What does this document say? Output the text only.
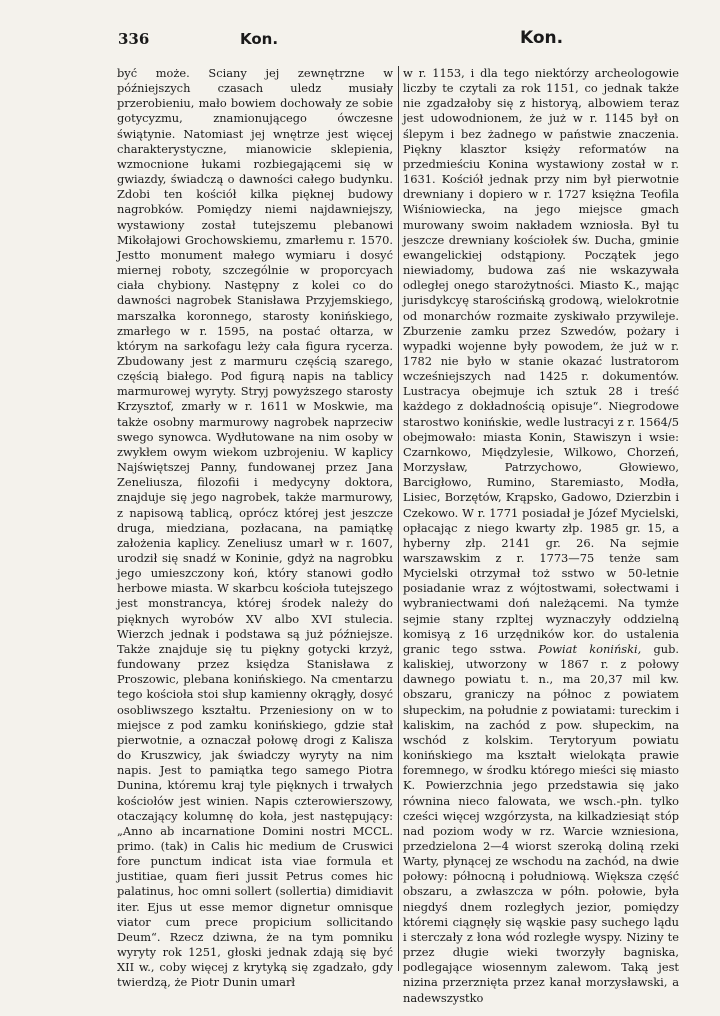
336	Kon.	Kon.

być może. Sciany jej zewnętrzne w późniejszych czasach uledz musiały przerobieniu, mało bowiem dochowały ze sobie gotycyzmu, znamionującego ówczesne świątynie. Natomiast jej wnętrze jest więcej charakterystyczne, mianowicie sklepienia, wzmocnione łukami rozbiegającemi się w gwiazdy, świadczą o dawności całego budynku. Zdobi ten kościół kilka pięknej budowy nagrobków. Pomiędzy niemi najdawniejszy, wystawiony został tutejszemu plebanowi Mikołajowi Grochowskiemu, zmarłemu r. 1570. Jestto monument małego wymiaru i dosyć miernej roboty, szczególnie w proporcyach ciała chybiony. Następny z kolei co do dawności nagrobek Stanisława Przyjemskiego, marszałka koronnego, starosty konińskiego, zmarłego w r. 1595, na postać ołtarza, w którym na sarkofagu leży cała figura rycerza. Zbudowany jest z marmuru częścią szarego, częścią białego. Pod figurą napis na tablicy marmurowej wyryty. Stryj powyższego starosty Krzysztof, zmarły w r. 1611 w Moskwie, ma także osobny marmurowy nagrobek naprzeciw swego synowca. Wydłutowane na nim osoby w zwykłem owym wiekom uzbrojeniu. W kaplicy Najświętszej Panny, fundowanej przez Jana Zeneliusza, filozofii i medycyny doktora, znajduje się jego nagrobek, także marmurowy, z napisową tablicą, oprócz której jest jeszcze druga, miedziana, pozłacana, na pamiątkę założenia kaplicy. Zeneliusz umarł w r. 1607, urodził się snadź w Koninie, gdyż na nagrobku jego umieszczony koń, który stanowi godło herbowe miasta. W skarbcu kościoła tutejszego jest monstrancya, której środek należy do pięknych wyrobów XV albo XVI stulecia. Wierzch jednak i podstawa są już późniejsze. Także znajduje się tu piękny gotycki krzyż, fundowany przez księdza Stanisława z Proszowic, plebana konińskiego. Na cmentarzu tego kościoła stoi słup kamienny okrągły, dosyć osobliwszego kształtu. Przeniesiony on w to miejsce z pod zamku konińskiego, gdzie stał pierwotnie, a oznaczał połowę drogi z Kalisza do Kruszwicy, jak świadczy wyryty na nim napis. Jest to pamiątka tego samego Piotra Dunina, któremu kraj tyle pięknych i trwałych kościołów jest winien. Napis czterowierszowy, otaczający kolumnę do koła, jest następujący: „Anno ab incarnatione Domini nostri MCCL. primo. (tak) in Calis hic medium de Cruswici fore punctum indicat ista viae formula et justitiae, quam fieri jussit Petrus comes hic palatinus, hoc omni sollert (sollertia) dimidiavit iter. Ejus ut esse memor dignetur omnisque viator cum prece propicium sollicitando Deum“. Rzecz dziwna, że na tym pomniku wyryty rok 1251, głoski jednak zdają się być XII w., coby więcej z krytyką się zgadzało, gdy twierdzą, że Piotr Dunin umarł

w r. 1153, i dla tego niektórzy archeologowie liczby te czytali za rok 1151, co jednak także nie zgadzałoby się z historyą, albowiem teraz jest udowodnionem, że już w r. 1145 był on ślepym i bez żadnego w państwie znaczenia. Piękny klasztor księży reformatów na przedmieściu Konina wystawiony został w r. 1631. Kościół jednak przy nim był pierwotnie drewniany i dopiero w r. 1727 księżna Teofila Wiśniowiecka, na jego miejsce gmach murowany swoim nakładem wzniosła. Był tu jeszcze drewniany kościołek św. Ducha, gminie ewangelickiej odstąpiony. Początek jego niewiadomy, budowa zaś nie wskazywała odległej onego starożytności. Miasto K., mając jurisdykcyę starościńską grodową, wielokrotnie od monarchów rozmaite zyskiwało przywileje. Zburzenie zamku przez Szwedów, pożary i wypadki wojenne były powodem, że już w r. 1782 nie było w stanie okazać lustratorom wcześniejszych nad 1425 r. dokumentów. Lustracya obejmuje ich sztuk 28 i treść każdego z dokładnością opisuje“. Niegrodowe starostwo konińskie, wedle lustracyi z r. 1564/5 obejmowało: miasta Konin, Stawiszyn i wsie: Czarnkowo, Międzylesie, Wilkowo, Chorzeń, Morzysław, Patrzychowo, Głowiewo, Barcigłowo, Rumino, Staremiasto, Modła, Lisiec, Borzętów, Krąpsko, Gadowo, Dzierzbin i Czekowo. W r. 1771 posiadał je Józef Mycielski, opłacając z niego kwarty złp. 1985 gr. 15, a hyberny złp. 2141 gr. 26. Na sejmie warszawskim z r. 1773—75 tenże sam Mycielski otrzymał toż sstwo w 50-letnie posiadanie wraz z wójtostwami, sołectwami i wybraniectwami doń należącemi. Na tymże sejmie stany rzpltej wyznaczyły oddzielną komisyą z 16 urzędników kor. do ustalenia granic tego sstwa. Powiat koniński, gub. kaliskiej, utworzony w 1867 r. z połowy dawnego powiatu t. n., ma 20,37 mil kw. obszaru, graniczy na północ z powiatem słupeckim, na południe z powiatami: tureckim i kaliskim, na zachód z pow. słupeckim, na wschód z kolskim. Terytoryum powiatu konińskiego ma kształt wielokąta prawie foremnego, w środku którego mieści się miasto K. Powierzchnia jego przedstawia się jako równina nieco falowata, we wsch.-płn. tylko cześci więcej wzgórzysta, na kilkadziesiąt stóp nad poziom wody w rz. Warcie wzniesiona, przedzielona 2—4 wiorst szeroką doliną rzeki Warty, płynącej ze wschodu na zachód, na dwie połowy: północną i południową. Większa część obszaru, a zwłaszcza w półn. połowie, była niegdyś dnem rozległych jezior, pomiędzy któremi ciągnęły się wąskie pasy suchego lądu i sterczały z łona wód rozległe wyspy. Niziny te przez długie wieki tworzyły bagniska, podlegające wiosennym zalewom. Taką jest nizina przerznięta przez kanał morzysławski, a nadewszystko
